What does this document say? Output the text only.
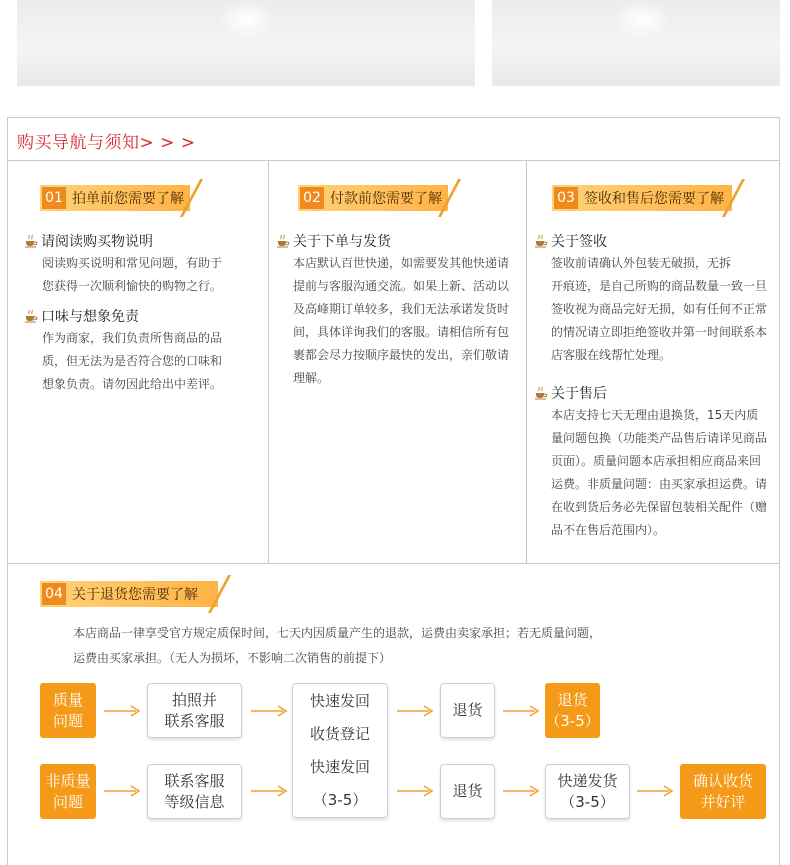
购买导航与须知> > >
01 拍单前您需要了解
请阅读购买物说明
阅读购买说明和常见问题，有助于
您获得一次顺利愉快的购物之行。
口味与想象免责
作为商家，我们负责所售商品的品
质，但无法为是否符合您的口味和
想象负责。请勿因此给出中差评。
02 付款前您需要了解
关于下单与发货
本店默认百世快递，如需要发其他快递请
提前与客服沟通交流。如果上新、活动以
及高峰期订单较多，我们无法承诺发货时
间，具体详询我们的客服。请相信所有包
裹都会尽力按顺序最快的发出，亲们敬请
理解。
03 签收和售后您需要了解
关于签收
签收前请确认外包装无破损，无拆
开痕迹，是自己所购的商品数量一致一旦
签收视为商品完好无损，如有任何不正常
的情况请立即拒绝签收并第一时间联系本
店客服在线帮忙处理。
关于售后
本店支持七天无理由退换货，15天内质
量问题包换（功能类产品售后请详见商品
页面）。质量问题本店承担相应商品来回
运费。非质量问题：由买家承担运费。请
在收到货后务必先保留包装相关配件（赠
品不在售后范围内）。
04 关于退货您需要了解
本店商品一律享受官方规定质保时间，七天内因质量产生的退款，运费由卖家承担；若无质量问题，
运费由买家承担。（无人为损坏，不影响二次销售的前提下）
质量
问题
拍照并
联系客服
快速发回
收货登记
快速发回
（3-5）
退货
退货
（3-5）
非质量
问题
联系客服
等级信息
退货
快递发货
（3-5）
确认收货
并好评
